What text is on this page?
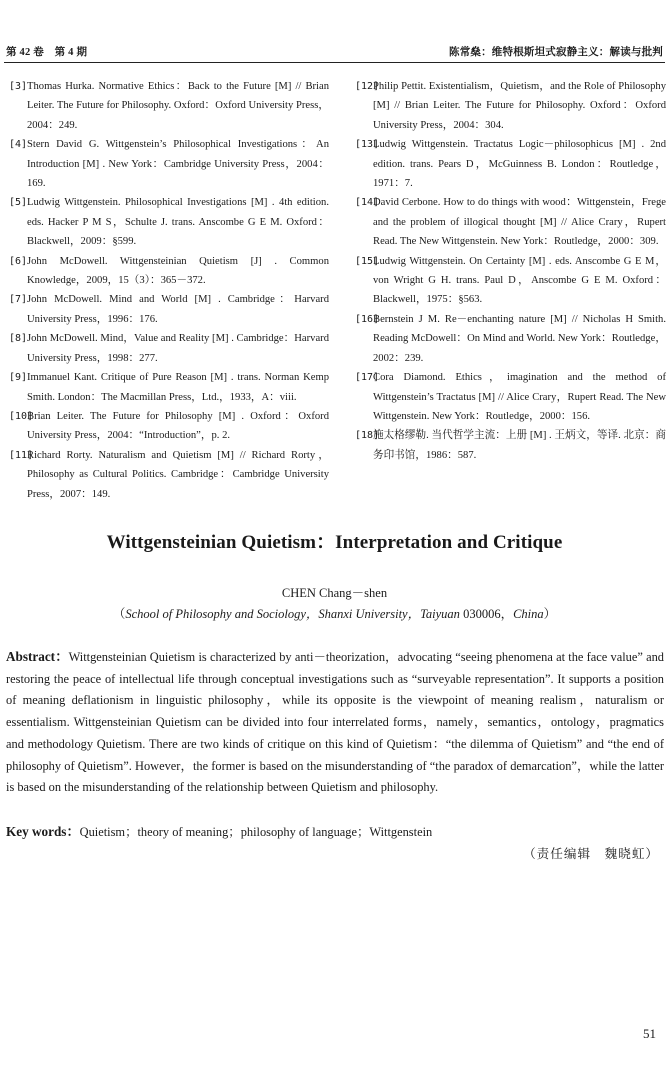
第 42 卷　第 4 期	陈常燊：维特根斯坦式寂静主义：解读与批判
[3] Thomas Hurka. Normative Ethics：Back to the Future [M] // Brian Leiter. The Future for Philosophy. Oxford：Oxford University Press，2004：249.
[4] Stern David G. Wittgenstein’s Philosophical Investigations：An Introduction [M] . New York：Cambridge University Press，2004：169.
[5] Ludwig Wittgenstein. Philosophical Investigations [M] . 4th edition. eds. Hacker P M S，Schulte J. trans. Anscombe G E M. Oxford：Blackwell，2009：§599.
[6] John McDowell. Wittgensteinian Quietism [J] . Common Knowledge，2009，15（3）：365－372.
[7] John McDowell. Mind and World [M] . Cambridge：Harvard University Press，1996：176.
[8] John McDowell. Mind，Value and Reality [M] . Cambridge：Harvard University Press，1998：277.
[9] Immanuel Kant. Critique of Pure Reason [M] . trans. Norman Kemp Smith. London：The Macmillan Press，Ltd.，1933，A：viii.
[10]
Brian Leiter. The Future for Philosophy [M] . Oxford：Oxford University Press，2004：“Introduction”，p. 2.
[11]
Richard Rorty. Naturalism and Quietism [M] // Richard Rorty，Philosophy as Cultural Politics. Cambridge：Cambridge University Press，2007：149.
[12]
Philip Pettit. Existentialism，Quietism，and the Role of Philosophy [M] // Brian Leiter. The Future for Philosophy. Oxford：Oxford University Press，2004：304.
[13]
Ludwig Wittgenstein. Tractatus Logic－philosophicus [M] . 2nd edition. trans. Pears D，McGuinness B. London：Routledge，1971：7.
[14]
David Cerbone. How to do things with wood：Wittgenstein，Frege and the problem of illogical thought [M] // Alice Crary，Rupert Read. The New Wittgenstein. New York：Routledge，2000：309.
[15]
Ludwig Wittgenstein. On Certainty [M] . eds. Anscombe G E M，von Wright G H. trans. Paul D，Anscombe G E M. Oxford：Blackwell，1975：§563.
[16]
Bernstein J M. Re－enchanting nature [M] // Nicholas H Smith. Reading McDowell：On Mind and World. New York：Routledge，2002：239.
[17]
Cora Diamond. Ethics，imagination and the method of Wittgenstein’s Tractatus [M] // Alice Crary，Rupert Read. The New Wittgenstein. New York：Routledge，2000：156.
[18]
施太格缪勒. 当代哲学主流：上册 [M] . 王炳文，等译. 北京：商务印书馆，1986：587.
Wittgensteinian Quietism：Interpretation and Critique
CHEN Chang－shen
（School of Philosophy and Sociology，Shanxi University，Taiyuan 030006，China）
Abstract：Wittgensteinian Quietism is characterized by anti－theorization，advocating “seeing phenomena at the face value” and restoring the peace of intellectual life through conceptual investigations such as “surveyable representation”. It supports a position of meaning deflationism in linguistic philosophy，while its opposite is the viewpoint of meaning realism，naturalism or essentialism. Wittgensteinian Quietism can be divided into four interrelated forms，namely，semantics，ontology，pragmatics and methodology Quietism. There are two kinds of critique on this kind of Quietism：“the dilemma of Quietism” and “the end of philosophy of Quietism”. However，the former is based on the misunderstanding of “the paradox of demarcation”，while the latter is based on the misunderstanding of the relationship between Quietism and philosophy.
Key words：Quietism；theory of meaning；philosophy of language；Wittgenstein
（责任编辑　魏晓虹）
51
